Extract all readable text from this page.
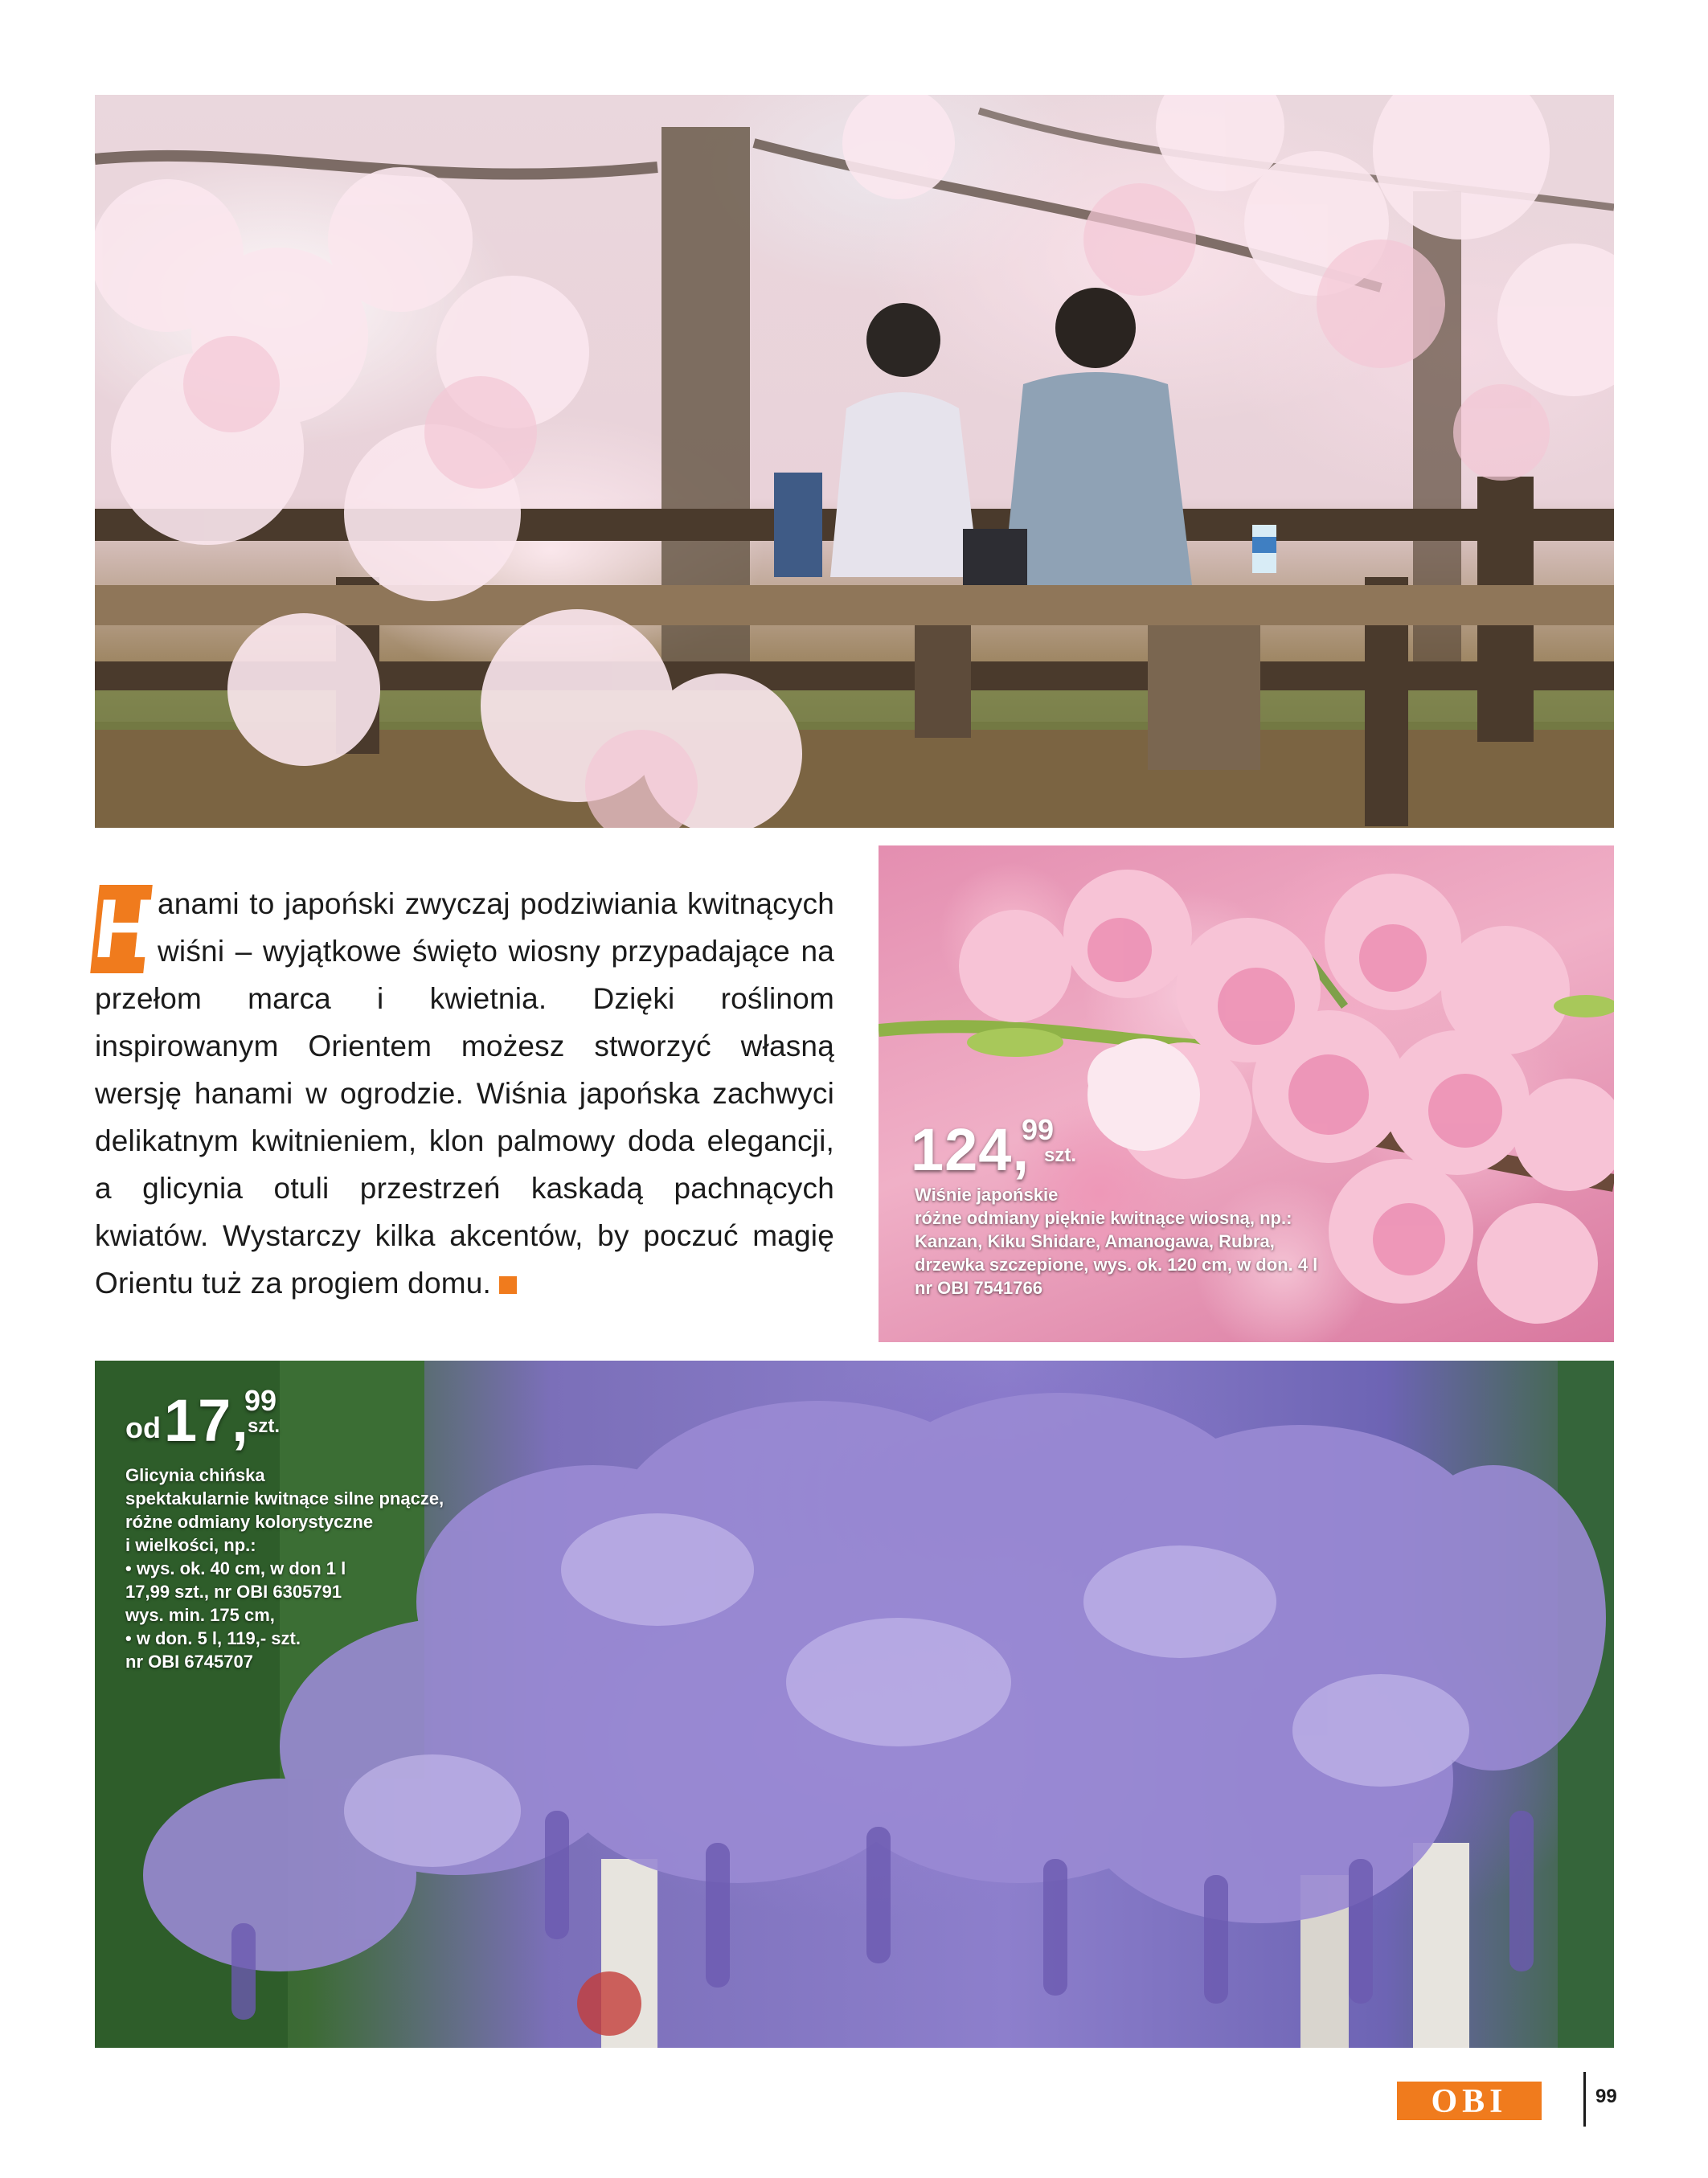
H
anami to japoński zwyczaj podziwiania kwitnących wiśni – wyjątkowe święto wiosny przypadające na przełom marca i kwietnia. Dzięki roślinom inspirowanym Orientem możesz stworzyć własną wersję hanami w ogrodzie. Wiśnia japońska zachwyci delikatnym kwitnieniem, klon palmowy doda elegancji, a glicynia otuli przestrzeń kaskadą pachnących kwiatów. Wystarczy kilka akcentów, by poczuć magię Orientu tuż za progiem domu.
124,
99
szt.
Wiśnie japońskie
różne odmiany pięknie kwitnące wiosną, np.:
Kanzan, Kiku Shidare, Amanogawa, Rubra,
drzewka szczepione, wys. ok. 120 cm, w don. 4 l
nr OBI 7541766
od 17,
99
szt.
Glicynia chińska
spektakularnie kwitnące silne pnącze,
różne odmiany kolorystyczne
i wielkości, np.:
• wys. ok. 40 cm, w don 1 l
17,99 szt., nr OBI 6305791
wys. min. 175 cm,
• w don. 5 l, 119,- szt.
nr OBI 6745707
OBI	99
